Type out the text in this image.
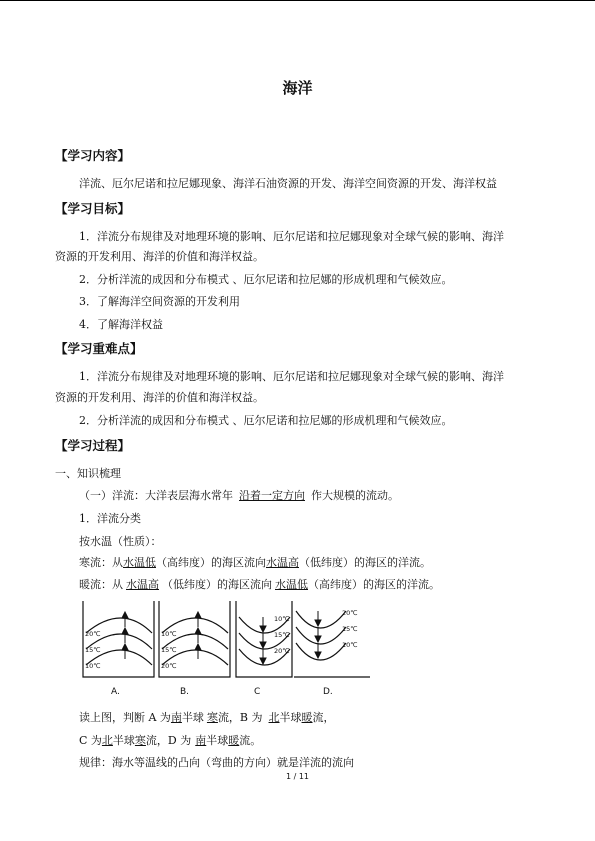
海洋
【学习内容】
洋流、厄尔尼诺和拉尼娜现象、海洋石油资源的开发、海洋空间资源的开发、海洋权益
【学习目标】
1．洋流分布规律及对地理环境的影响、厄尔尼诺和拉尼娜现象对全球气候的影响、海洋
资源的开发利用、海洋的价值和海洋权益。
2．分析洋流的成因和分布模式 、厄尔尼诺和拉尼娜的形成机理和气候效应。
3．了解海洋空间资源的开发利用
4．了解海洋权益
【学习重难点】
1．洋流分布规律及对地理环境的影响、厄尔尼诺和拉尼娜现象对全球气候的影响、海洋
资源的开发利用、海洋的价值和海洋权益。
2．分析洋流的成因和分布模式 、厄尔尼诺和拉尼娜的形成机理和气候效应。
【学习过程】
一、知识梳理
（一）洋流：大洋表层海水常年 沿着一定方向 作大规模的流动。
1．洋流分类
按水温（性质）：
寒流：从水温低（高纬度）的海区流向水温高（低纬度）的海区的洋流。
暖流：从 水温高 （低纬度）的海区流向 水温低（高纬度）的海区的洋流。
20℃
15℃
10℃
10℃
15℃
20℃
10℃
15℃
20℃
20℃
15℃
10℃
A.	B.	C	D.
读上图，判断 A 为南半球 寒流，B 为 北半球暖流，
C 为北半球寒流，D 为 南半球暖流。
规律：海水等温线的凸向（弯曲的方向）就是洋流的流向
1 / 11
